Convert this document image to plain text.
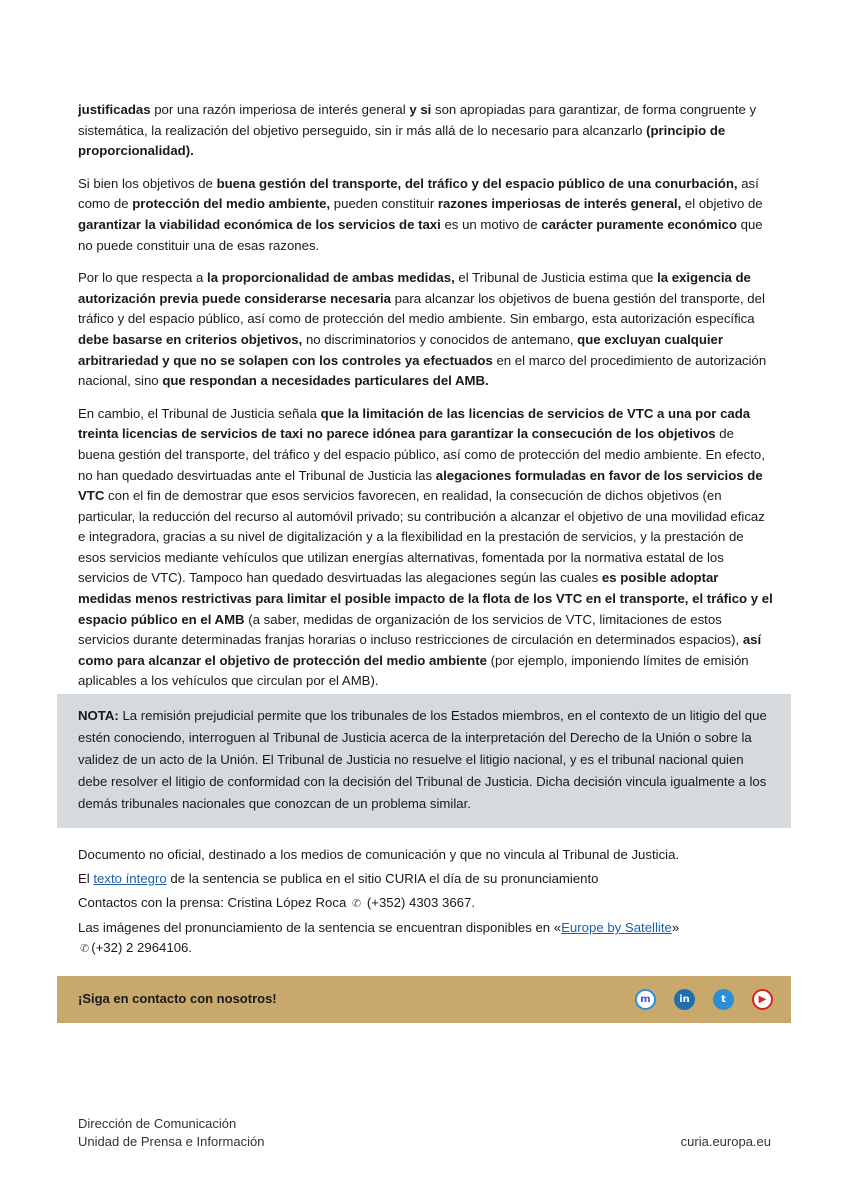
justificadas por una razón imperiosa de interés general y si son apropiadas para garantizar, de forma congruente y sistemática, la realización del objetivo perseguido, sin ir más allá de lo necesario para alcanzarlo (principio de proporcionalidad).

Si bien los objetivos de buena gestión del transporte, del tráfico y del espacio público de una conurbación, así como de protección del medio ambiente, pueden constituir razones imperiosas de interés general, el objetivo de garantizar la viabilidad económica de los servicios de taxi es un motivo de carácter puramente económico que no puede constituir una de esas razones.

Por lo que respecta a la proporcionalidad de ambas medidas, el Tribunal de Justicia estima que la exigencia de autorización previa puede considerarse necesaria para alcanzar los objetivos de buena gestión del transporte, del tráfico y del espacio público, así como de protección del medio ambiente. Sin embargo, esta autorización específica debe basarse en criterios objetivos, no discriminatorios y conocidos de antemano, que excluyan cualquier arbitrariedad y que no se solapen con los controles ya efectuados en el marco del procedimiento de autorización nacional, sino que respondan a necesidades particulares del AMB.

En cambio, el Tribunal de Justicia señala que la limitación de las licencias de servicios de VTC a una por cada treinta licencias de servicios de taxi no parece idónea para garantizar la consecución de los objetivos de buena gestión del transporte, del tráfico y del espacio público, así como de protección del medio ambiente. En efecto, no han quedado desvirtuadas ante el Tribunal de Justicia las alegaciones formuladas en favor de los servicios de VTC con el fin de demostrar que esos servicios favorecen, en realidad, la consecución de dichos objetivos (en particular, la reducción del recurso al automóvil privado; su contribución a alcanzar el objetivo de una movilidad eficaz e integradora, gracias a su nivel de digitalización y a la flexibilidad en la prestación de servicios, y la prestación de esos servicios mediante vehículos que utilizan energías alternativas, fomentada por la normativa estatal de los servicios de VTC). Tampoco han quedado desvirtuadas las alegaciones según las cuales es posible adoptar medidas menos restrictivas para limitar el posible impacto de la flota de los VTC en el transporte, el tráfico y el espacio público en el AMB (a saber, medidas de organización de los servicios de VTC, limitaciones de estos servicios durante determinadas franjas horarias o incluso restricciones de circulación en determinados espacios), así como para alcanzar el objetivo de protección del medio ambiente (por ejemplo, imponiendo límites de emisión aplicables a los vehículos que circulan por el AMB).

NOTA: La remisión prejudicial permite que los tribunales de los Estados miembros, en el contexto de un litigio del que estén conociendo, interroguen al Tribunal de Justicia acerca de la interpretación del Derecho de la Unión o sobre la validez de un acto de la Unión. El Tribunal de Justicia no resuelve el litigio nacional, y es el tribunal nacional quien debe resolver el litigio de conformidad con la decisión del Tribunal de Justicia. Dicha decisión vincula igualmente a los demás tribunales nacionales que conozcan de un problema similar.

Documento no oficial, destinado a los medios de comunicación y que no vincula al Tribunal de Justicia.

El texto íntegro de la sentencia se publica en el sitio CURIA el día de su pronunciamiento

Contactos con la prensa: Cristina López Roca ✆ (+352) 4303 3667.

Las imágenes del pronunciamiento de la sentencia se encuentran disponibles en «Europe by Satellite»
✆ (+32) 2 2964106.

¡Siga en contacto con nosotros!	m	in	t	▶
Dirección de Comunicación
Unidad de Prensa e Información	curia.europa.eu
